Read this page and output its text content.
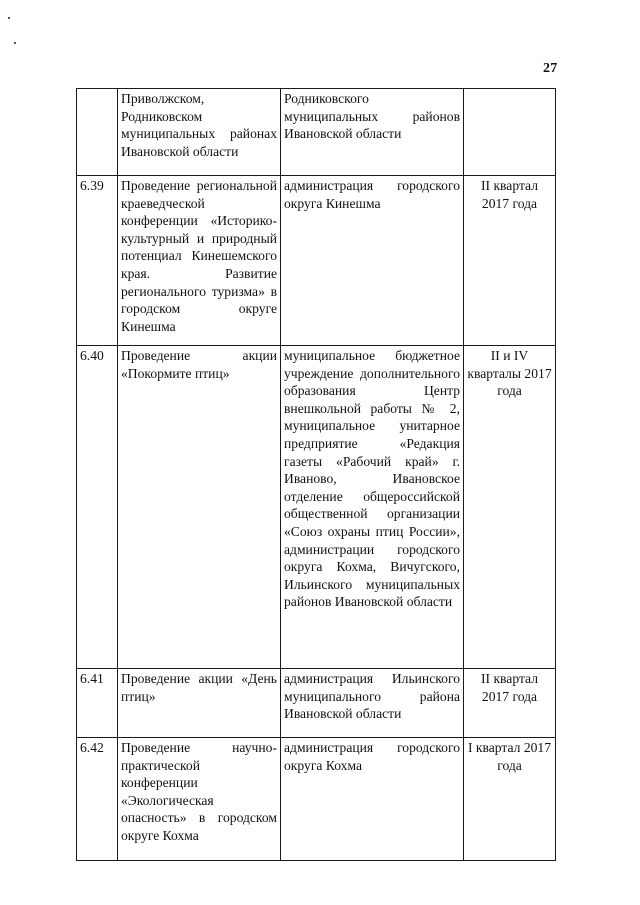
27
	Приволжском, Родниковском муниципальных районах Ивановской области	Родниковского муниципальных районов Ивановской области	
6.39	Проведение региональной краеведческой конференции «Историко-культурный и природный потенциал Кинешемского края. Развитие регионального туризма» в городском округе Кинешма	администрация городского округа Кинешма	II квартал 2017 года
6.40	Проведение акции «Покормите птиц»	муниципальное бюджетное учреждение дополнительного образования Центр внешкольной работы № 2, муниципальное унитарное предприятие «Редакция газеты «Рабочий край» г. Иваново, Ивановское отделение общероссийской общественной организации «Союз охраны птиц России», администрации городского округа Кохма, Вичугского, Ильинского муниципальных районов Ивановской области	II и IV кварталы 2017 года
6.41	Проведение акции «День птиц»	администрация Ильинского муниципального района Ивановской области	II квартал 2017 года
6.42	Проведение научно-практической конференции «Экологическая опасность» в городском округе Кохма	администрация городского округа Кохма	I квартал 2017 года
